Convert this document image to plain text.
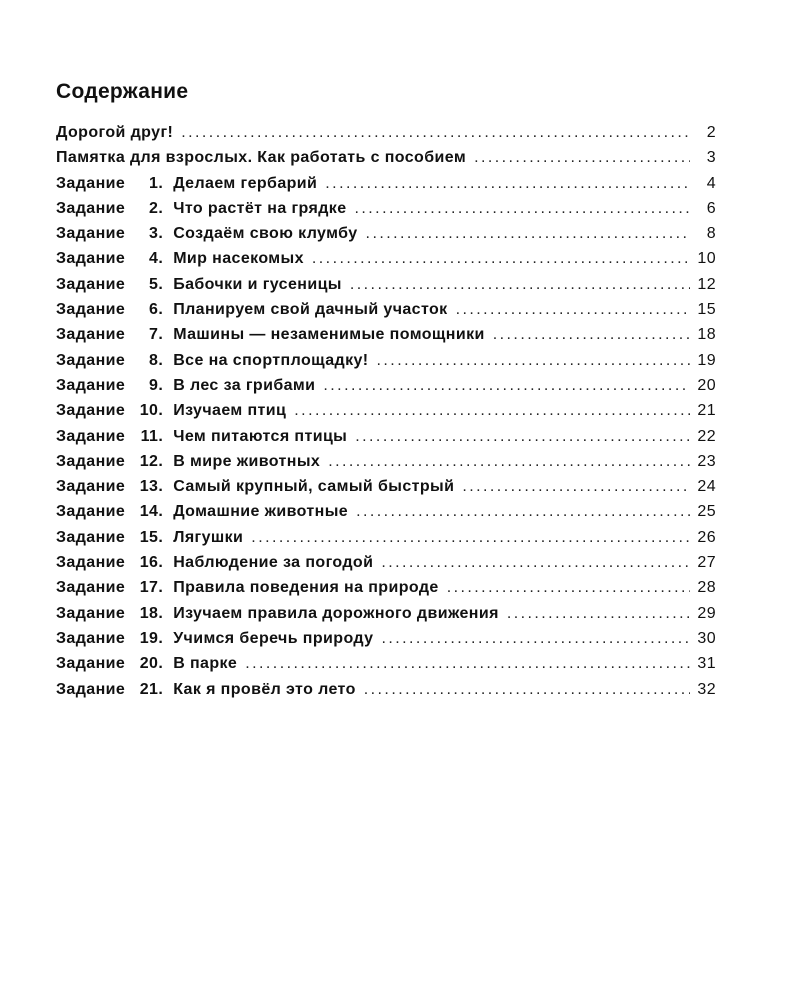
Содержание
Дорогой друг! . . .	2
Памятка для взрослых. Как работать с пособием . . .	3
Задание	1. Делаем гербарий . . .	4
Задание	2. Что растёт на грядке . . .	6
Задание	3. Создаём свою клумбу . . .	8
Задание	4. Мир насекомых . . .	10
Задание	5. Бабочки и гусеницы . . .	12
Задание	6. Планируем свой дачный участок . . .	15
Задание	7. Машины — незаменимые помощники . . .	18
Задание	8. Все на спортплощадку! . . .	19
Задание	9. В лес за грибами . . .	20
Задание 10. Изучаем птиц . . .	21
Задание 11. Чем питаются птицы . . .	22
Задание 12. В мире животных . . .	23
Задание 13. Самый крупный, самый быстрый . . .	24
Задание 14. Домашние животные . . .	25
Задание 15. Лягушки . . .	26
Задание 16. Наблюдение за погодой . . .	27
Задание 17. Правила поведения на природе . . .	28
Задание 18. Изучаем правила дорожного движения . . .	29
Задание 19. Учимся беречь природу . . .	30
Задание 20. В парке . . .	31
Задание 21. Как я провёл это лето . . .	32
